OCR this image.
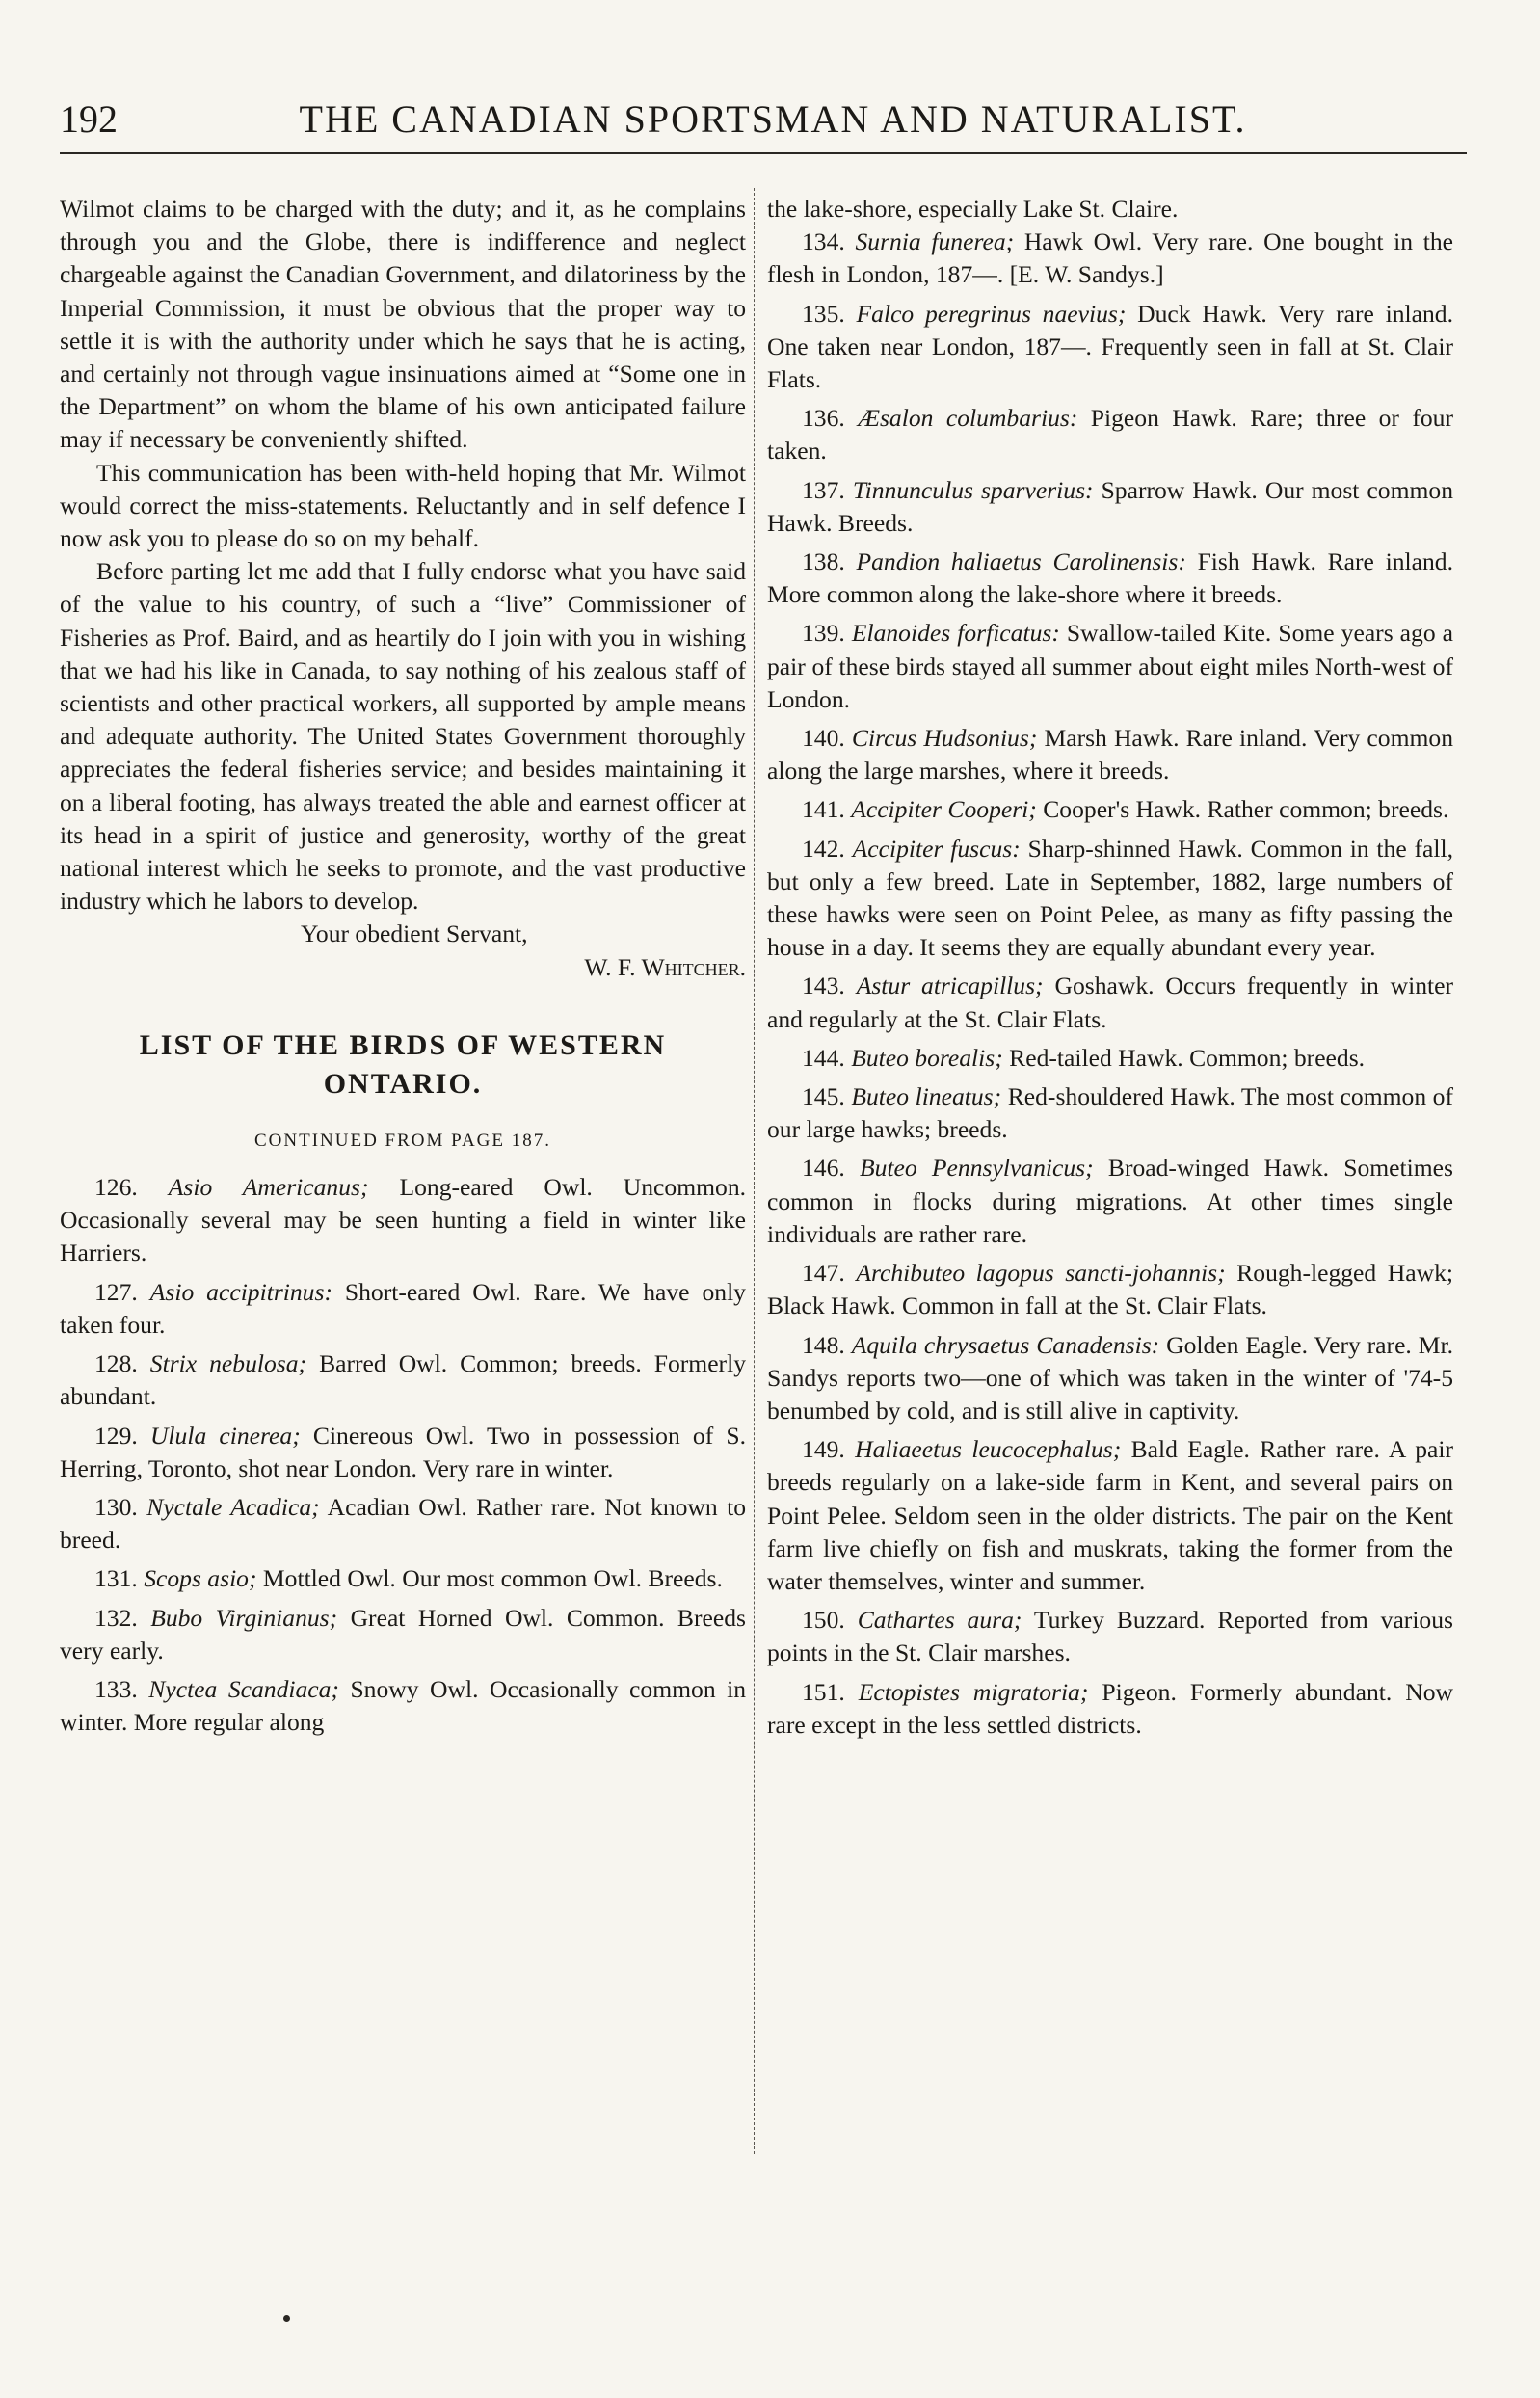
192	THE CANADIAN SPORTSMAN AND NATURALIST.

Wilmot claims to be charged with the duty; and it, as he complains through you and the Globe, there is indifference and neglect chargeable against the Canadian Government, and dilatoriness by the Imperial Commission, it must be obvious that the proper way to settle it is with the authority under which he says that he is acting, and certainly not through vague insinuations aimed at “Some one in the Department” on whom the blame of his own anticipated failure may if necessary be conveniently shifted.

This communication has been with-held hoping that Mr. Wilmot would correct the miss-statements. Reluctantly and in self defence I now ask you to please do so on my behalf.

Before parting let me add that I fully endorse what you have said of the value to his country, of such a “live” Commissioner of Fisheries as Prof. Baird, and as heartily do I join with you in wishing that we had his like in Canada, to say nothing of his zealous staff of scientists and other practical workers, all supported by ample means and adequate authority. The United States Government thoroughly appreciates the federal fisheries service; and besides maintaining it on a liberal footing, has always treated the able and earnest officer at its head in a spirit of justice and generosity, worthy of the great national interest which he seeks to promote, and the vast productive industry which he labors to develop.

Your obedient Servant,

W. F. Whitcher.

LIST OF THE BIRDS OF WESTERN ONTARIO.
CONTINUED FROM PAGE 187.

126. Asio Americanus; Long-eared Owl. Uncommon. Occasionally several may be seen hunting a field in winter like Harriers.

127. Asio accipitrinus: Short-eared Owl. Rare. We have only taken four.

128. Strix nebulosa; Barred Owl. Common; breeds. Formerly abundant.

129. Ulula cinerea; Cinereous Owl. Two in possession of S. Herring, Toronto, shot near London. Very rare in winter.

130. Nyctale Acadica; Acadian Owl. Rather rare. Not known to breed.

131. Scops asio; Mottled Owl. Our most common Owl. Breeds.

132. Bubo Virginianus; Great Horned Owl. Common. Breeds very early.

133. Nyctea Scandiaca; Snowy Owl. Occasionally common in winter. More regular along

the lake-shore, especially Lake St. Claire.

134. Surnia funerea; Hawk Owl. Very rare. One bought in the flesh in London, 187—. [E. W. Sandys.]

135. Falco peregrinus naevius; Duck Hawk. Very rare inland. One taken near London, 187—. Frequently seen in fall at St. Clair Flats.

136. Æsalon columbarius: Pigeon Hawk. Rare; three or four taken.

137. Tinnunculus sparverius: Sparrow Hawk. Our most common Hawk. Breeds.

138. Pandion haliaetus Carolinensis: Fish Hawk. Rare inland. More common along the lake-shore where it breeds.

139. Elanoides forficatus: Swallow-tailed Kite. Some years ago a pair of these birds stayed all summer about eight miles North-west of London.

140. Circus Hudsonius; Marsh Hawk. Rare inland. Very common along the large marshes, where it breeds.

141. Accipiter Cooperi; Cooper's Hawk. Rather common; breeds.

142. Accipiter fuscus: Sharp-shinned Hawk. Common in the fall, but only a few breed. Late in September, 1882, large numbers of these hawks were seen on Point Pelee, as many as fifty passing the house in a day. It seems they are equally abundant every year.

143. Astur atricapillus; Goshawk. Occurs frequently in winter and regularly at the St. Clair Flats.

144. Buteo borealis; Red-tailed Hawk. Common; breeds.

145. Buteo lineatus; Red-shouldered Hawk. The most common of our large hawks; breeds.

146. Buteo Pennsylvanicus; Broad-winged Hawk. Sometimes common in flocks during migrations. At other times single individuals are rather rare.

147. Archibuteo lagopus sancti-johannis; Rough-legged Hawk; Black Hawk. Common in fall at the St. Clair Flats.

148. Aquila chrysaetus Canadensis: Golden Eagle. Very rare. Mr. Sandys reports two—one of which was taken in the winter of '74-5 benumbed by cold, and is still alive in captivity.

149. Haliaeetus leucocephalus; Bald Eagle. Rather rare. A pair breeds regularly on a lake-side farm in Kent, and several pairs on Point Pelee. Seldom seen in the older districts. The pair on the Kent farm live chiefly on fish and muskrats, taking the former from the water themselves, winter and summer.

150. Cathartes aura; Turkey Buzzard. Reported from various points in the St. Clair marshes.

151. Ectopistes migratoria; Pigeon. Formerly abundant. Now rare except in the less settled districts.
